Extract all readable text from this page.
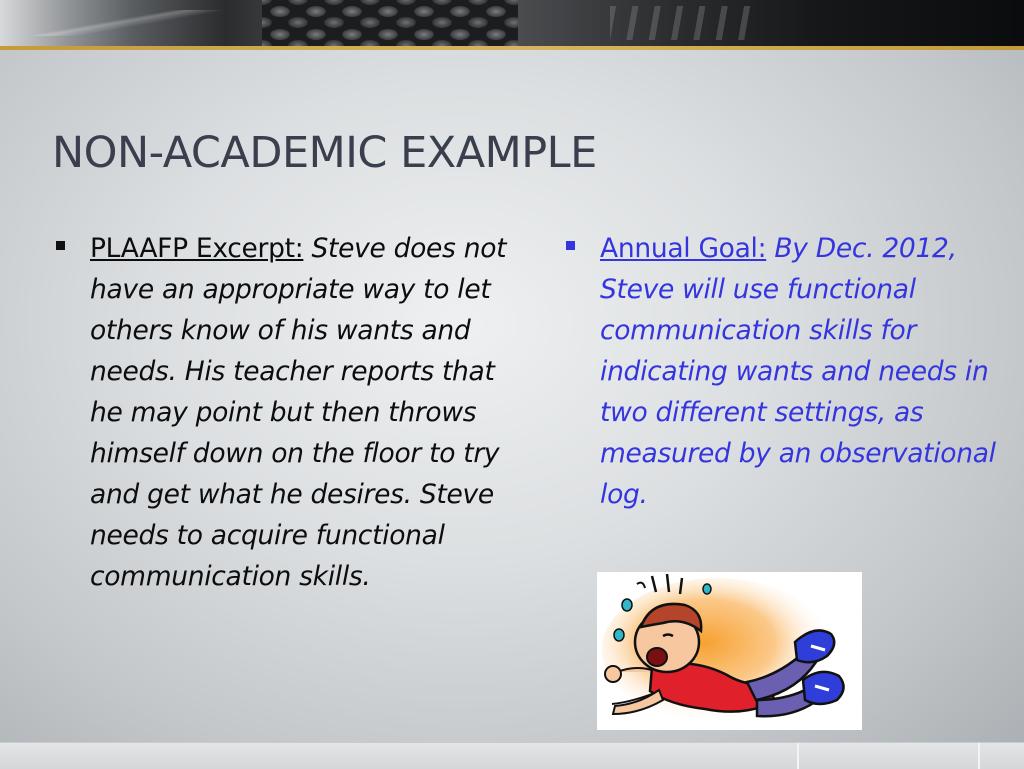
NON-ACADEMIC EXAMPLE
PLAAFP Excerpt: Steve does not have an appropriate way to let others know of his wants and needs. His teacher reports that he may point but then throws himself down on the floor to try and get what he desires. Steve needs to acquire functional communication skills.
Annual Goal: By Dec. 2012, Steve will use functional communication skills for indicating wants and needs in two different settings, as measured by an observational log.
